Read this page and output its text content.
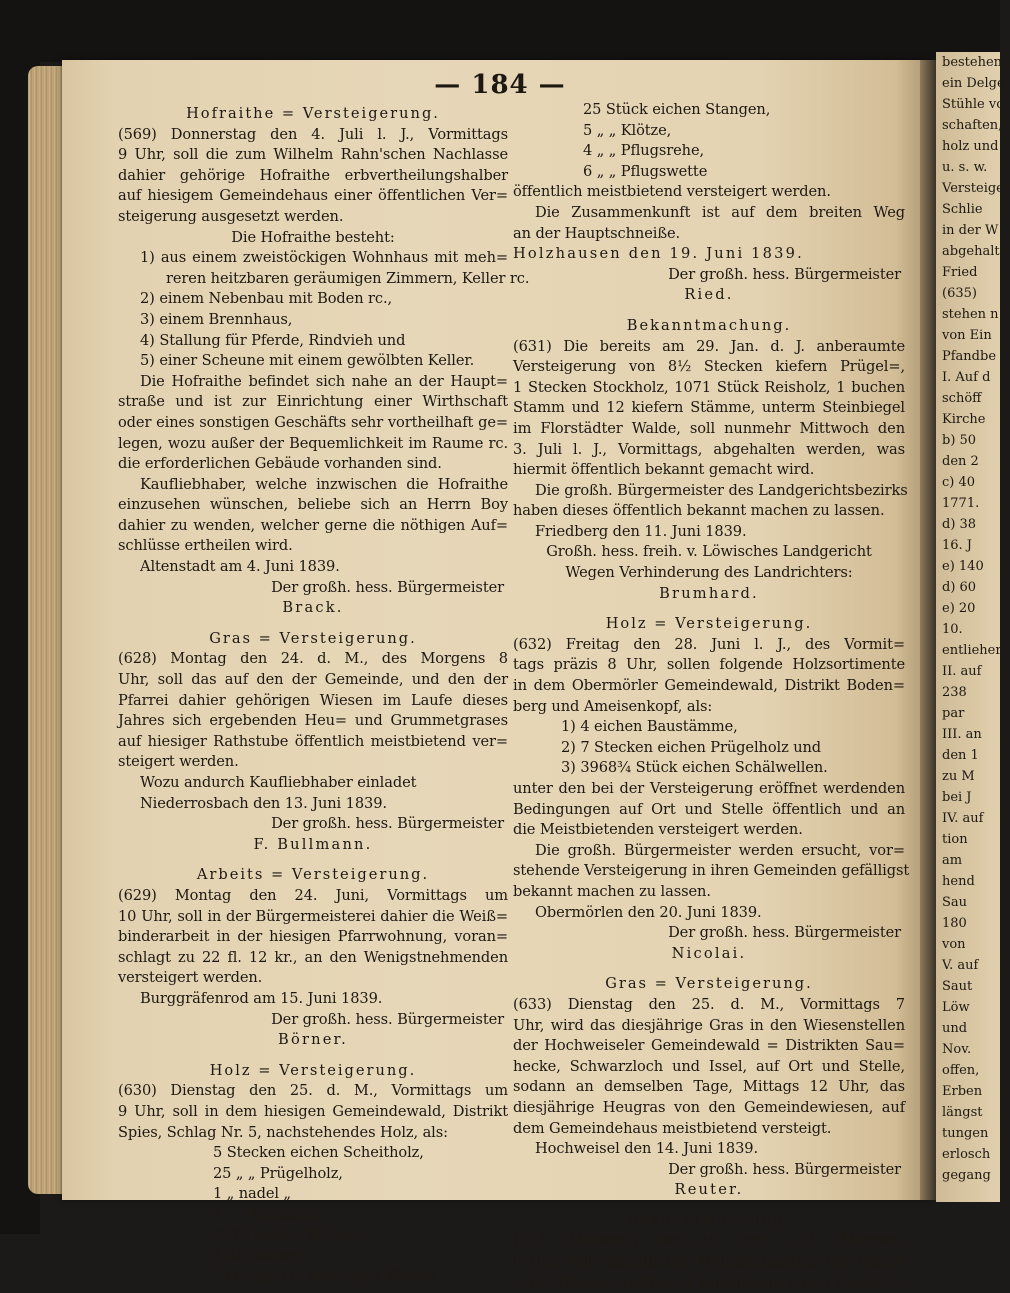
bestehend
ein Delge
Stühle vo
schaften,
holz und
u. s. w.
Versteiger
Schlie
in der W
abgehalte
Fried
(635)
stehen n
von Ein
Pfandbe
I. Auf d
schöff
Kirche
b) 50
den 2
c) 40
1771.
d) 38
16. J
e) 140
d) 60
e) 20
10.
entlieher
II. auf
238
par
III. an
den 1
zu M
bei J
IV. auf
tion
am
hend
Sau
180
von
V. auf
Saut
Löw
und
Nov.
offen,
Erben
längst
tungen
erlosch
gegang
— 184 —
Hofraithe = Versteigerung.
(569) Donnerstag den 4. Juli l. J., Vormittags
9 Uhr, soll die zum Wilhelm Rahn'schen Nachlasse
dahier gehörige Hofraithe erbvertheilungshalber
auf hiesigem Gemeindehaus einer öffentlichen Ver=
steigerung ausgesetzt werden.
Die Hofraithe besteht:
1) aus einem zweistöckigen Wohnhaus mit meh=
reren heitzbaren geräumigen Zimmern, Keller rc.
2) einem Nebenbau mit Boden rc.,
3) einem Brennhaus,
4) Stallung für Pferde, Rindvieh und
5) einer Scheune mit einem gewölbten Keller.
Die Hofraithe befindet sich nahe an der Haupt=
straße und ist zur Einrichtung einer Wirthschaft
oder eines sonstigen Geschäfts sehr vortheilhaft ge=
legen, wozu außer der Bequemlichkeit im Raume rc.
die erforderlichen Gebäude vorhanden sind.
Kaufliebhaber, welche inzwischen die Hofraithe
einzusehen wünschen, beliebe sich an Herrn Boy
dahier zu wenden, welcher gerne die nöthigen Auf=
schlüsse ertheilen wird.
Altenstadt am 4. Juni 1839.
Der großh. hess. Bürgermeister
Brack.
Gras = Versteigerung.
(628) Montag den 24. d. M., des Morgens 8
Uhr, soll das auf den der Gemeinde, und den der
Pfarrei dahier gehörigen Wiesen im Laufe dieses
Jahres sich ergebenden Heu= und Grummetgrases
auf hiesiger Rathstube öffentlich meistbietend ver=
steigert werden.
Wozu andurch Kaufliebhaber einladet
Niederrosbach den 13. Juni 1839.
Der großh. hess. Bürgermeister
F. Bullmann.
Arbeits = Versteigerung.
(629) Montag den 24. Juni, Vormittags um
10 Uhr, soll in der Bürgermeisterei dahier die Weiß=
binderarbeit in der hiesigen Pfarrwohnung, voran=
schlagt zu 22 fl. 12 kr., an den Wenigstnehmenden
versteigert werden.
Burggräfenrod am 15. Juni 1839.
Der großh. hess. Bürgermeister
Börner.
Holz = Versteigerung.
(630) Dienstag den 25. d. M., Vormittags um
9 Uhr, soll in dem hiesigen Gemeindewald, Distrikt
Spies, Schlag Nr. 5, nachstehendes Holz, als:
5 Stecken eichen Scheitholz,
25 „ „ Prügelholz,
1 „ nadel „
1 „ „ Stockholz,
4575 eichen Wellen,
1100 birken „
714 nadel u. weichholz Wellen,
25 Stück eichen Stangen,
5 „ „ Klötze,
4 „ „ Pflugsrehe,
6 „ „ Pflugswette
öffentlich meistbietend versteigert werden.
Die Zusammenkunft ist auf dem breiten Weg
an der Hauptschneiße.
Holzhausen den 19. Juni 1839.
Der großh. hess. Bürgermeister
Ried.
Bekanntmachung.
(631) Die bereits am 29. Jan. d. J. anberaumte
Versteigerung von 8½ Stecken kiefern Prügel=,
1 Stecken Stockholz, 1071 Stück Reisholz, 1 buchen
Stamm und 12 kiefern Stämme, unterm Steinbiegel
im Florstädter Walde, soll nunmehr Mittwoch den
3. Juli l. J., Vormittags, abgehalten werden, was
hiermit öffentlich bekannt gemacht wird.
Die großh. Bürgermeister des Landgerichtsbezirks
haben dieses öffentlich bekannt machen zu lassen.
Friedberg den 11. Juni 1839.
Großh. hess. freih. v. Löwisches Landgericht
Wegen Verhinderung des Landrichters:
Brumhard.
Holz = Versteigerung.
(632) Freitag den 28. Juni l. J., des Vormit=
tags präzis 8 Uhr, sollen folgende Holzsortimente
in dem Obermörler Gemeindewald, Distrikt Boden=
berg und Ameisenkopf, als:
1) 4 eichen Baustämme,
2) 7 Stecken eichen Prügelholz und
3) 3968¾ Stück eichen Schälwellen.
unter den bei der Versteigerung eröffnet werdenden
Bedingungen auf Ort und Stelle öffentlich und an
die Meistbietenden versteigert werden.
Die großh. Bürgermeister werden ersucht, vor=
stehende Versteigerung in ihren Gemeinden gefälligst
bekannt machen zu lassen.
Obermörlen den 20. Juni 1839.
Der großh. hess. Bürgermeister
Nicolai.
Gras = Versteigerung.
(633) Dienstag den 25. d. M., Vormittags 7
Uhr, wird das diesjährige Gras in den Wiesenstellen
der Hochweiseler Gemeindewald = Distrikten Sau=
hecke, Schwarzloch und Issel, auf Ort und Stelle,
sodann an demselben Tage, Mittags 12 Uhr, das
diesjährige Heugras von den Gemeindewiesen, auf
dem Gemeindehaus meistbietend versteigt.
Hochweisel den 14. Juni 1839.
Der großh. hess. Bürgermeister
Reuter.
Bekanntmachung.
(634) Mittwoch den 26. Juni l. J., Morgens
9 Uhr, soll sämmtlicher Mobiliennachlaß der dahier
verstorbenen Apotheker Engelmann'schen Eheleute,
